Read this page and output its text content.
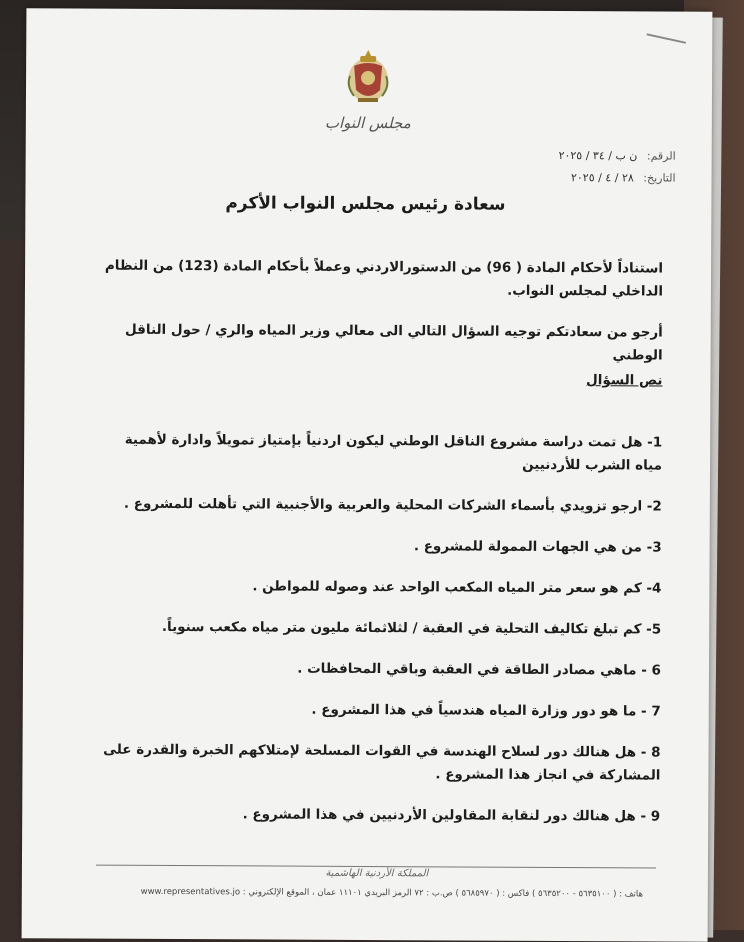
مجلس النواب
الرقم: ن ب / ٣٤ / ٢٠٢٥
التاريخ: ٢٨ / ٤ / ٢٠٢٥
سعادة رئيس مجلس النواب الأكرم
استناداً لأحكام المادة ( 96) من الدستورالاردني وعملاً بأحكام المادة (123) من النظام الداخلي لمجلس النواب.
أرجو من سعادتكم توجيه السؤال التالي الى معالي وزير المياه والري / حول الناقل الوطني
نص السؤال

1- هل تمت دراسة مشروع الناقل الوطني ليكون اردنياً بإمتياز تمويلاً وادارة لأهمية مياه الشرب للأردنيين

2- ارجو تزويدي بأسماء الشركات المحلية والعربية والأجنبية التي تأهلت للمشروع .

3- من هي الجهات الممولة للمشروع .

4- كم هو سعر متر المياه المكعب الواحد عند وصوله للمواطن .

5- كم تبلغ تكاليف التحلية في العقبة / لثلاثمائة مليون متر مياه مكعب سنوياً.

6 - ماهي مصادر الطاقة في العقبة وباقي المحافظات .

7 - ما هو دور وزارة المياه هندسياً في هذا المشروع .

8 - هل هنالك دور لسلاح الهندسة في القوات المسلحة لإمتلاكهم الخبرة والقدرة على المشاركة في انجاز هذا المشروع .

9 - هل هنالك دور لنقابة المقاولين الأردنيين في هذا المشروع .

المملكة الأردنية الهاشمية
هاتف : ( ٥٦٣٥١٠٠ - ٥٦٣٥٢٠٠ ) فاكس : ( ٥٦٨٥٩٧٠ ) ص.ب : ٧٢ الرمز البريدي ١١١٠١ عمان ، الموقع الإلكتروني : www.representatives.jo
